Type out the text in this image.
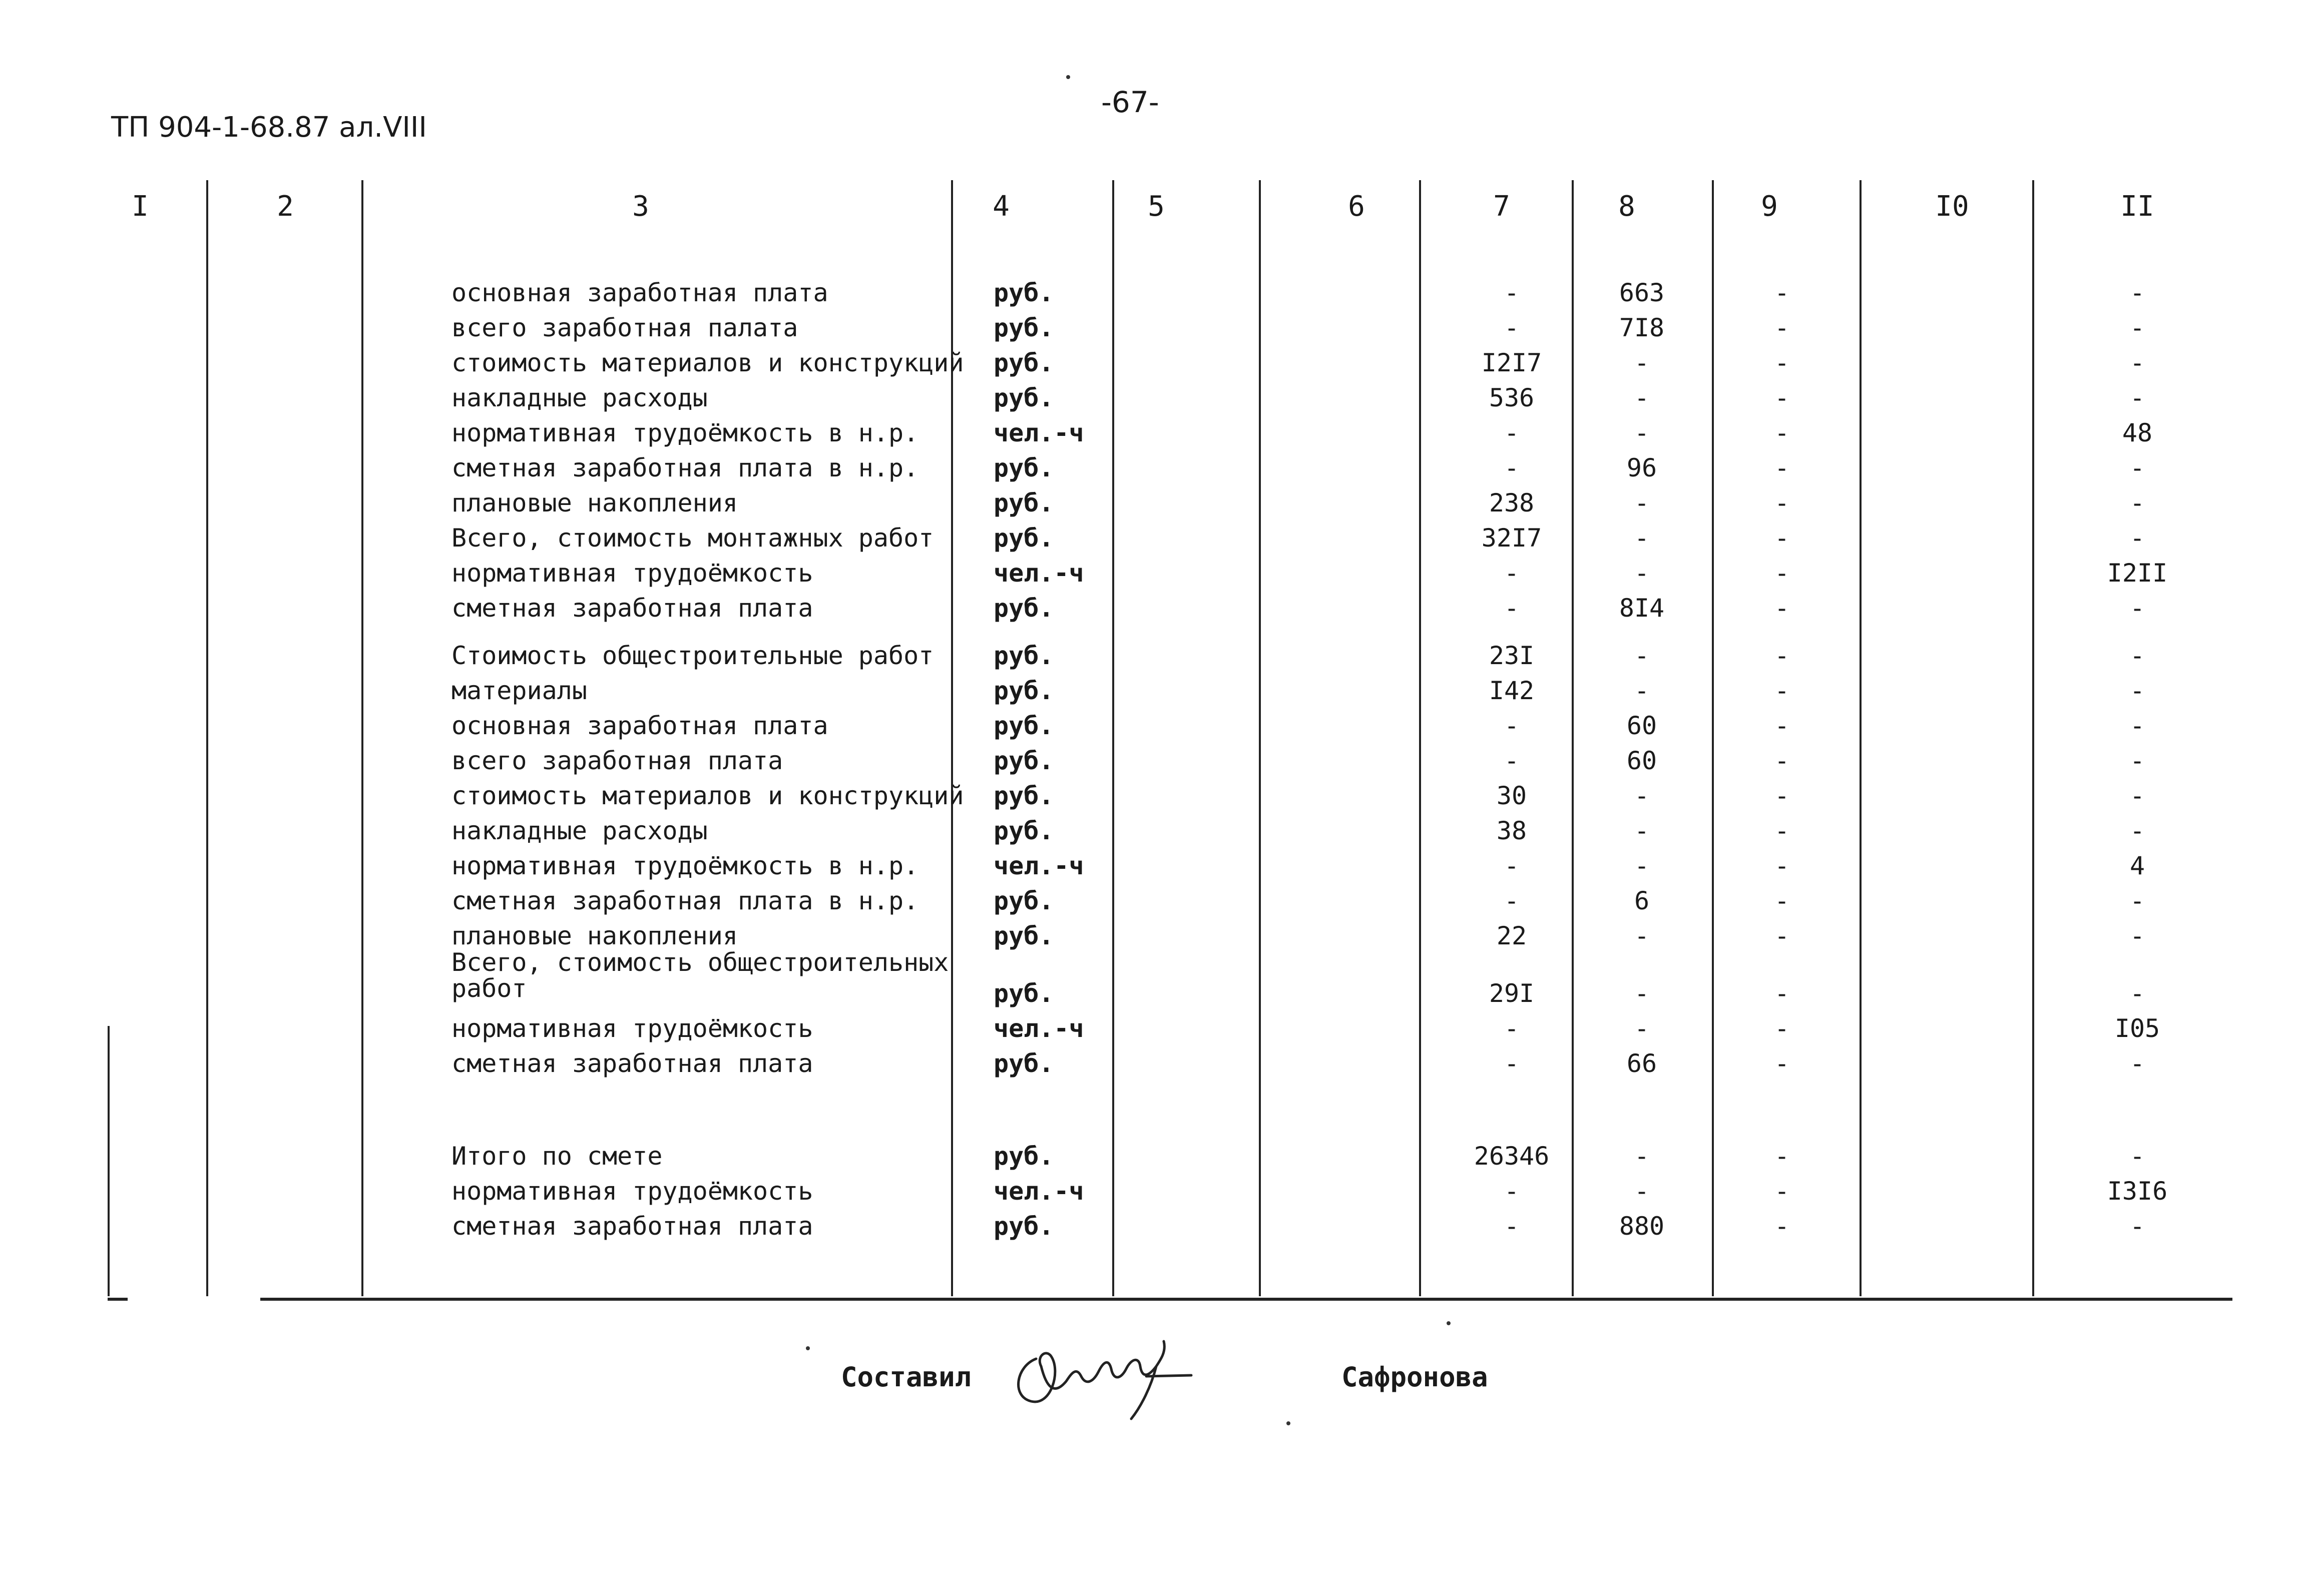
ТП 904-1-68.87 ал.VIII
-67-
I	2	3	4	5	6	7	8	9	I0	II
основная заработная плата	руб.	-	663	-	-
всего заработная палата	руб.	-	7I8	-	-
стоимость материалов и конструкций руб.	I2I7	-	-	-
накладные расходы	руб.	536	-	-	-
нормативная трудоёмкость в н.р.	чел.-ч	-	-	-	48
сметная заработная плата в н.р.	руб.	-	96	-	-
плановые накопления	руб.	238	-	-	-
Всего, стоимость монтажных работ руб.	32I7	-	-	-
нормативная трудоёмкость	чел.-ч	-	-	-	I2II
сметная заработная плата	руб.	-	8I4	-	-
Стоимость общестроительные работ руб.	23I	-	-	-
материалы	руб.	I42	-	-	-
основная заработная плата	руб.	-	60	-	-
всего заработная плата	руб.	-	60	-	-
стоимость материалов и конструкций руб.	30	-	-	-
накладные расходы	руб.	38	-	-	-
нормативная трудоёмкость в н.р.	чел.-ч	-	-	-	4
сметная заработная плата в н.р.	руб.	-	6	-	-
плановые накопления	руб.	22	-	-	-
Всего, стоимость общестроительных работ	руб.	29I	-	-	-
нормативная трудоёмкость	чел.-ч	-	-	-	I05
сметная заработная плата	руб.	-	66	-	-
Итого по смете	руб.	26346	-	-	-
нормативная трудоёмкость	чел.-ч	-	-	-	I3I6
сметная заработная плата	руб.	-	880	-	-
Составил	Сафронова
